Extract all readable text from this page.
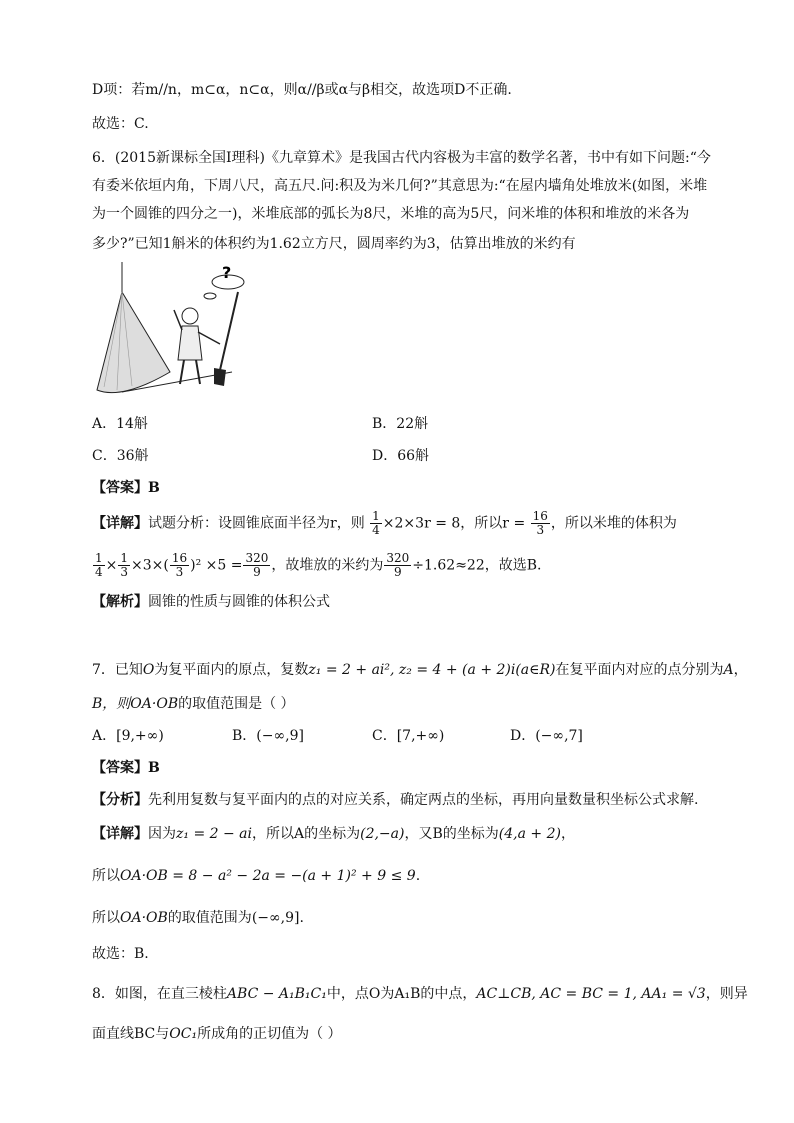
D项：若m//n，m⊂α，n⊂α，则α//β或α与β相交，故选项D不正确.
故选：C.
6．(2015新课标全国Ⅰ理科)《九章算术》是我国古代内容极为丰富的数学名著，书中有如下问题:“今
有委米依垣内角，下周八尺，高五尺.问:积及为米几何?”其意思为:“在屋内墙角处堆放米(如图，米堆
为一个圆锥的四分之一)，米堆底部的弧长为8尺，米堆的高为5尺，问米堆的体积和堆放的米各为
多少?”已知1斛米的体积约为1.62立方尺，圆周率约为3，估算出堆放的米约有
?
A．14斛	B．22斛
C．36斛	D．66斛
【答案】B
【详解】试题分析：设圆锥底面半径为r，则 $\frac{1}{4} \times 2\times 3r = 8$，所以$r = \frac{16}{3}$ ，所以米堆的体积为
$\frac{1}{4} \times \frac{1}{3} \times 3\times( \frac{16}{3} )^2 \times 5 = \frac{320}{9}$ ，故堆放的米约为 $\frac{320}{9} \div 1.62\approx 22$，故选B.
【解析】圆锥的性质与圆锥的体积公式
7．已知O为复平面内的原点，复数z₁ = 2 + ai², z₂ = 4 + (a + 2)i(a∈R)在复平面内对应的点分别为A，
B，则OA·OB的取值范围是（ ）
A．[9,+∞)	B．(−∞,9]	C．[7,+∞)	D．(−∞,7]
【答案】B
【分析】先利用复数与复平面内的点的对应关系，确定两点的坐标，再用向量数量积坐标公式求解.
【详解】因为z₁ = 2 − ai，所以A的坐标为(2,−a)，又B的坐标为(4,a + 2)，
所以OA·OB = 8 − a² − 2a = −(a + 1)² + 9 ≤ 9.
所以OA·OB的取值范围为(−∞,9].
故选：B.
8．如图，在直三棱柱ABC − A₁B₁C₁中，点O为A₁B的中点，AC⊥CB, AC = BC = 1, AA₁ = √3，则异
面直线BC与OC₁所成角的正切值为（ ）
